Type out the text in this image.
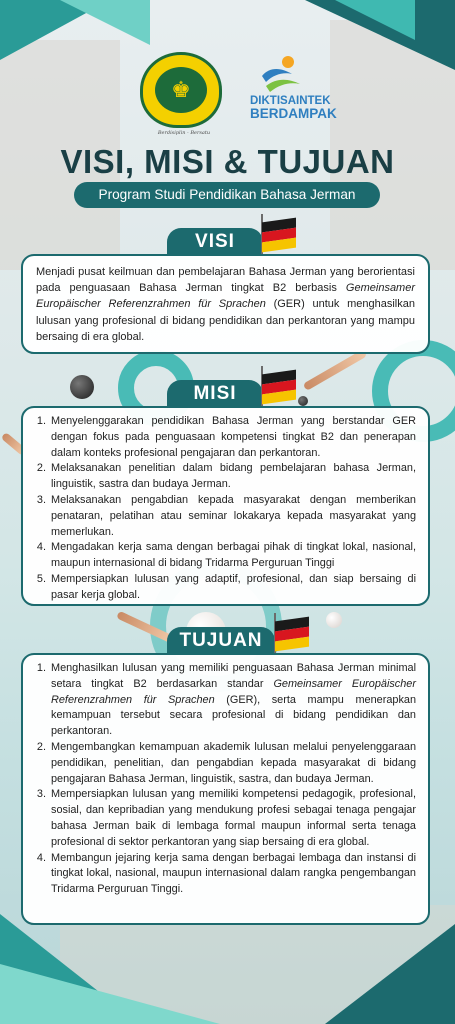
♚
Berdisiplin - Bersatu
DIKTISAINTEK
BERDAMPAK
VISI, MISI & TUJUAN
Program Studi Pendidikan Bahasa Jerman
VISI
Menjadi pusat keilmuan dan pembelajaran Bahasa Jerman yang berorientasi pada penguasaan Bahasa Jerman tingkat B2 berbasis Gemeinsamer Europäischer Referenzrahmen für Sprachen (GER) untuk menghasilkan lulusan yang profesional di bidang pendidikan dan perkantoran yang mampu bersaing di era global.
MISI
1. Menyelenggarakan pendidikan Bahasa Jerman yang berstandar GER dengan fokus pada penguasaan kompetensi tingkat B2 dan penerapan dalam konteks profesional pengajaran dan perkantoran.
2. Melaksanakan penelitian dalam bidang pembelajaran bahasa Jerman, linguistik, sastra dan budaya Jerman.
3. Melaksanakan pengabdian kepada masyarakat dengan memberikan penataran, pelatihan atau seminar lokakarya kepada masyarakat yang memerlukan.
4. Mengadakan kerja sama dengan berbagai pihak di tingkat lokal, nasional, maupun internasional di bidang Tridarma Perguruan Tinggi
5. Mempersiapkan lulusan yang adaptif, profesional, dan siap bersaing di pasar kerja global.
TUJUAN
1. Menghasilkan lulusan yang memiliki penguasaan Bahasa Jerman minimal setara tingkat B2 berdasarkan standar Gemeinsamer Europäischer Referenzrahmen für Sprachen (GER), serta mampu menerapkan kemampuan tersebut secara profesional di bidang pendidikan dan perkantoran.
2. Mengembangkan kemampuan akademik lulusan melalui penyelenggaraan pendidikan, penelitian, dan pengabdian kepada masyarakat di bidang pengajaran Bahasa Jerman, linguistik, sastra, dan budaya Jerman.
3. Mempersiapkan lulusan yang memiliki kompetensi pedagogik, profesional, sosial, dan kepribadian yang mendukung profesi sebagai tenaga pengajar bahasa Jerman baik di lembaga formal maupun informal serta tenaga profesional di sektor perkantoran yang siap bersaing di era global.
4. Membangun jejaring kerja sama dengan berbagai lembaga dan instansi di tingkat lokal, nasional, maupun internasional dalam rangka pengembangan Tridarma Perguruan Tinggi.
